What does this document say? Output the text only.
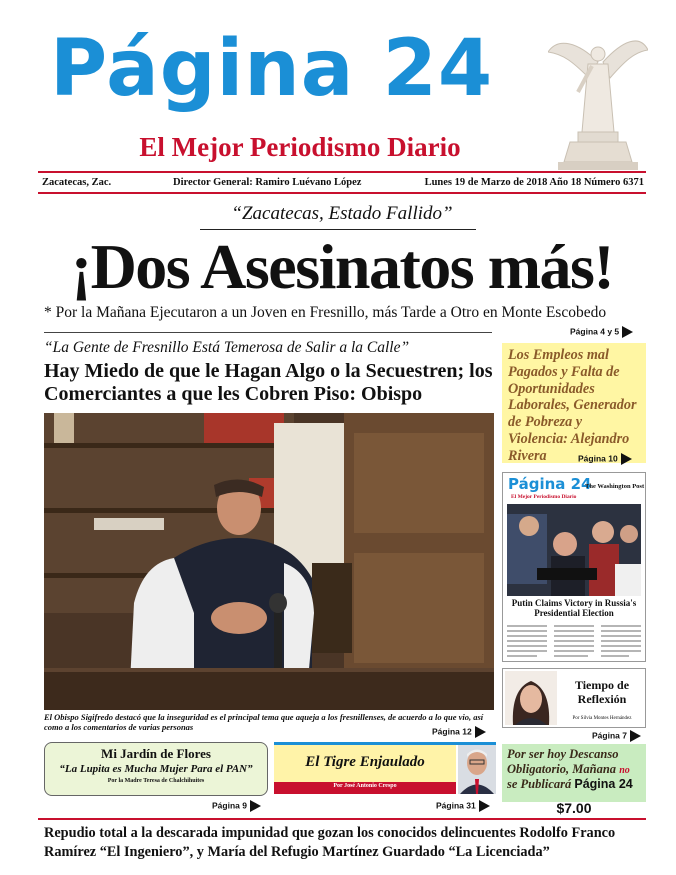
Página 24
El Mejor Periodismo Diario
Zacatecas, Zac.	Director General: Ramiro Luévano López	Lunes 19 de Marzo de 2018 Año 18 Número 6371
“Zacatecas, Estado Fallido”
¡Dos Asesinatos más!
* Por la Mañana Ejecutaron a un Joven en Fresnillo, más Tarde a Otro en Monte Escobedo
Página 4 y 5
“La Gente de Fresnillo Está Temerosa de Salir a la Calle”
Hay Miedo de que le Hagan Algo o la Secuestren; los Comerciantes a que les Cobren Piso: Obispo
El Obispo Sigifredo destacó que la inseguridad es el principal tema que aqueja a los fresnillenses, de acuerdo a lo que vio, así como a los comentarios de varias personas	Página 12
Los Empleos mal Pagados y Falta de Oportunidades Laborales, Generador de Pobreza y Violencia: Alejandro Rivera	Página 10
Página 24
El Mejor Periodismo Diario
The Washington Post
Putin Claims Victory in Russia's Presidential Election
Tiempo de Reflexión
Por Silvia Montes Hernández
Página 7
Por ser hoy Descanso Obligatorio, Mañana no se Publicará Página 24
$7.00
Mi Jardín de Flores
“La Lupita es Mucha Mujer Para el PAN”
Por la Madre Teresa de Chalchihuites
Página 9
El Tigre Enjaulado
Por José Antonio Crespo
Página 31
Repudio total a la descarada impunidad que gozan los conocidos delincuentes Rodolfo Franco Ramírez “El Ingeniero”, y María del Refugio Martínez Guardado “La Licenciada”
